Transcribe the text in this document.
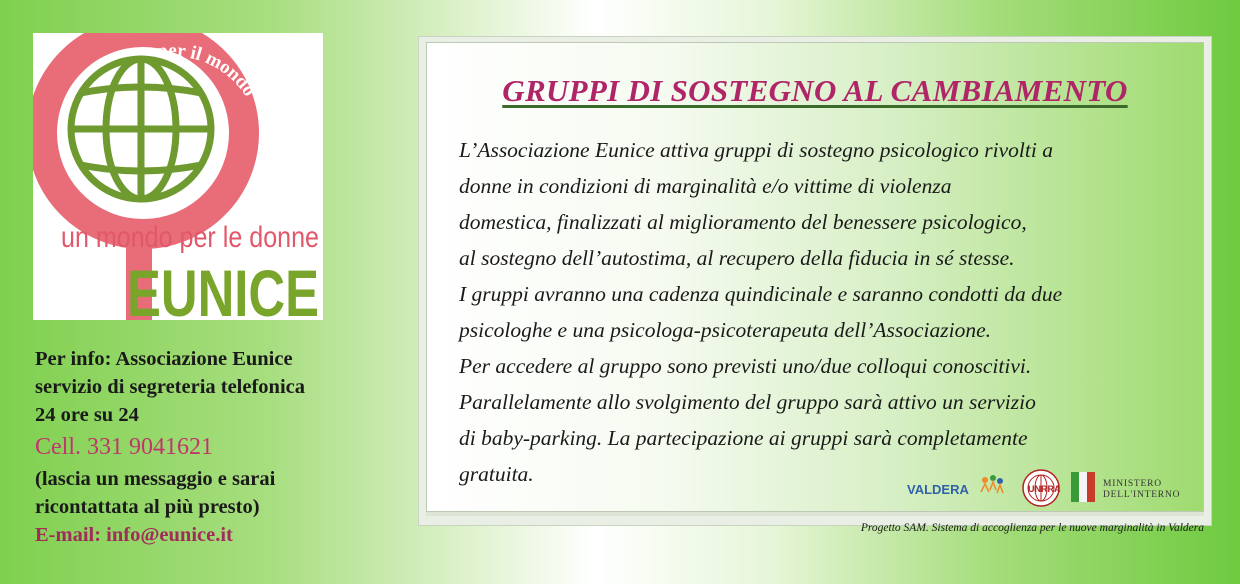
le donne per il mondo
un mondo per le donne
EUNICE
Per info: Associazione Eunice
servizio di segreteria telefonica
24 ore su 24
Cell. 331 9041621
(lascia un messaggio e sarai
ricontattata al più presto)
E-mail: info@eunice.it
GRUPPI DI SOSTEGNO AL CAMBIAMENTO
L’Associazione Eunice attiva gruppi di sostegno psicologico rivolti a
donne in condizioni di marginalità e/o vittime di violenza
domestica, finalizzati al miglioramento del benessere psicologico,
al sostegno dell’autostima, al recupero della fiducia in sé stesse.
I gruppi avranno una cadenza quindicinale e saranno condotti da due
psicologhe e una psicologa-psicoterapeuta dell’Associazione.
Per accedere al gruppo sono previsti uno/due colloqui conoscitivi.
Parallelamente allo svolgimento del gruppo sarà attivo un servizio
di baby-parking. La partecipazione ai gruppi sarà completamente
gratuita.
VALDERA	UNRRA	MINISTERO
DELL'INTERNO
Progetto SAM. Sistema di accoglienza per le nuove marginalità in Valdera
